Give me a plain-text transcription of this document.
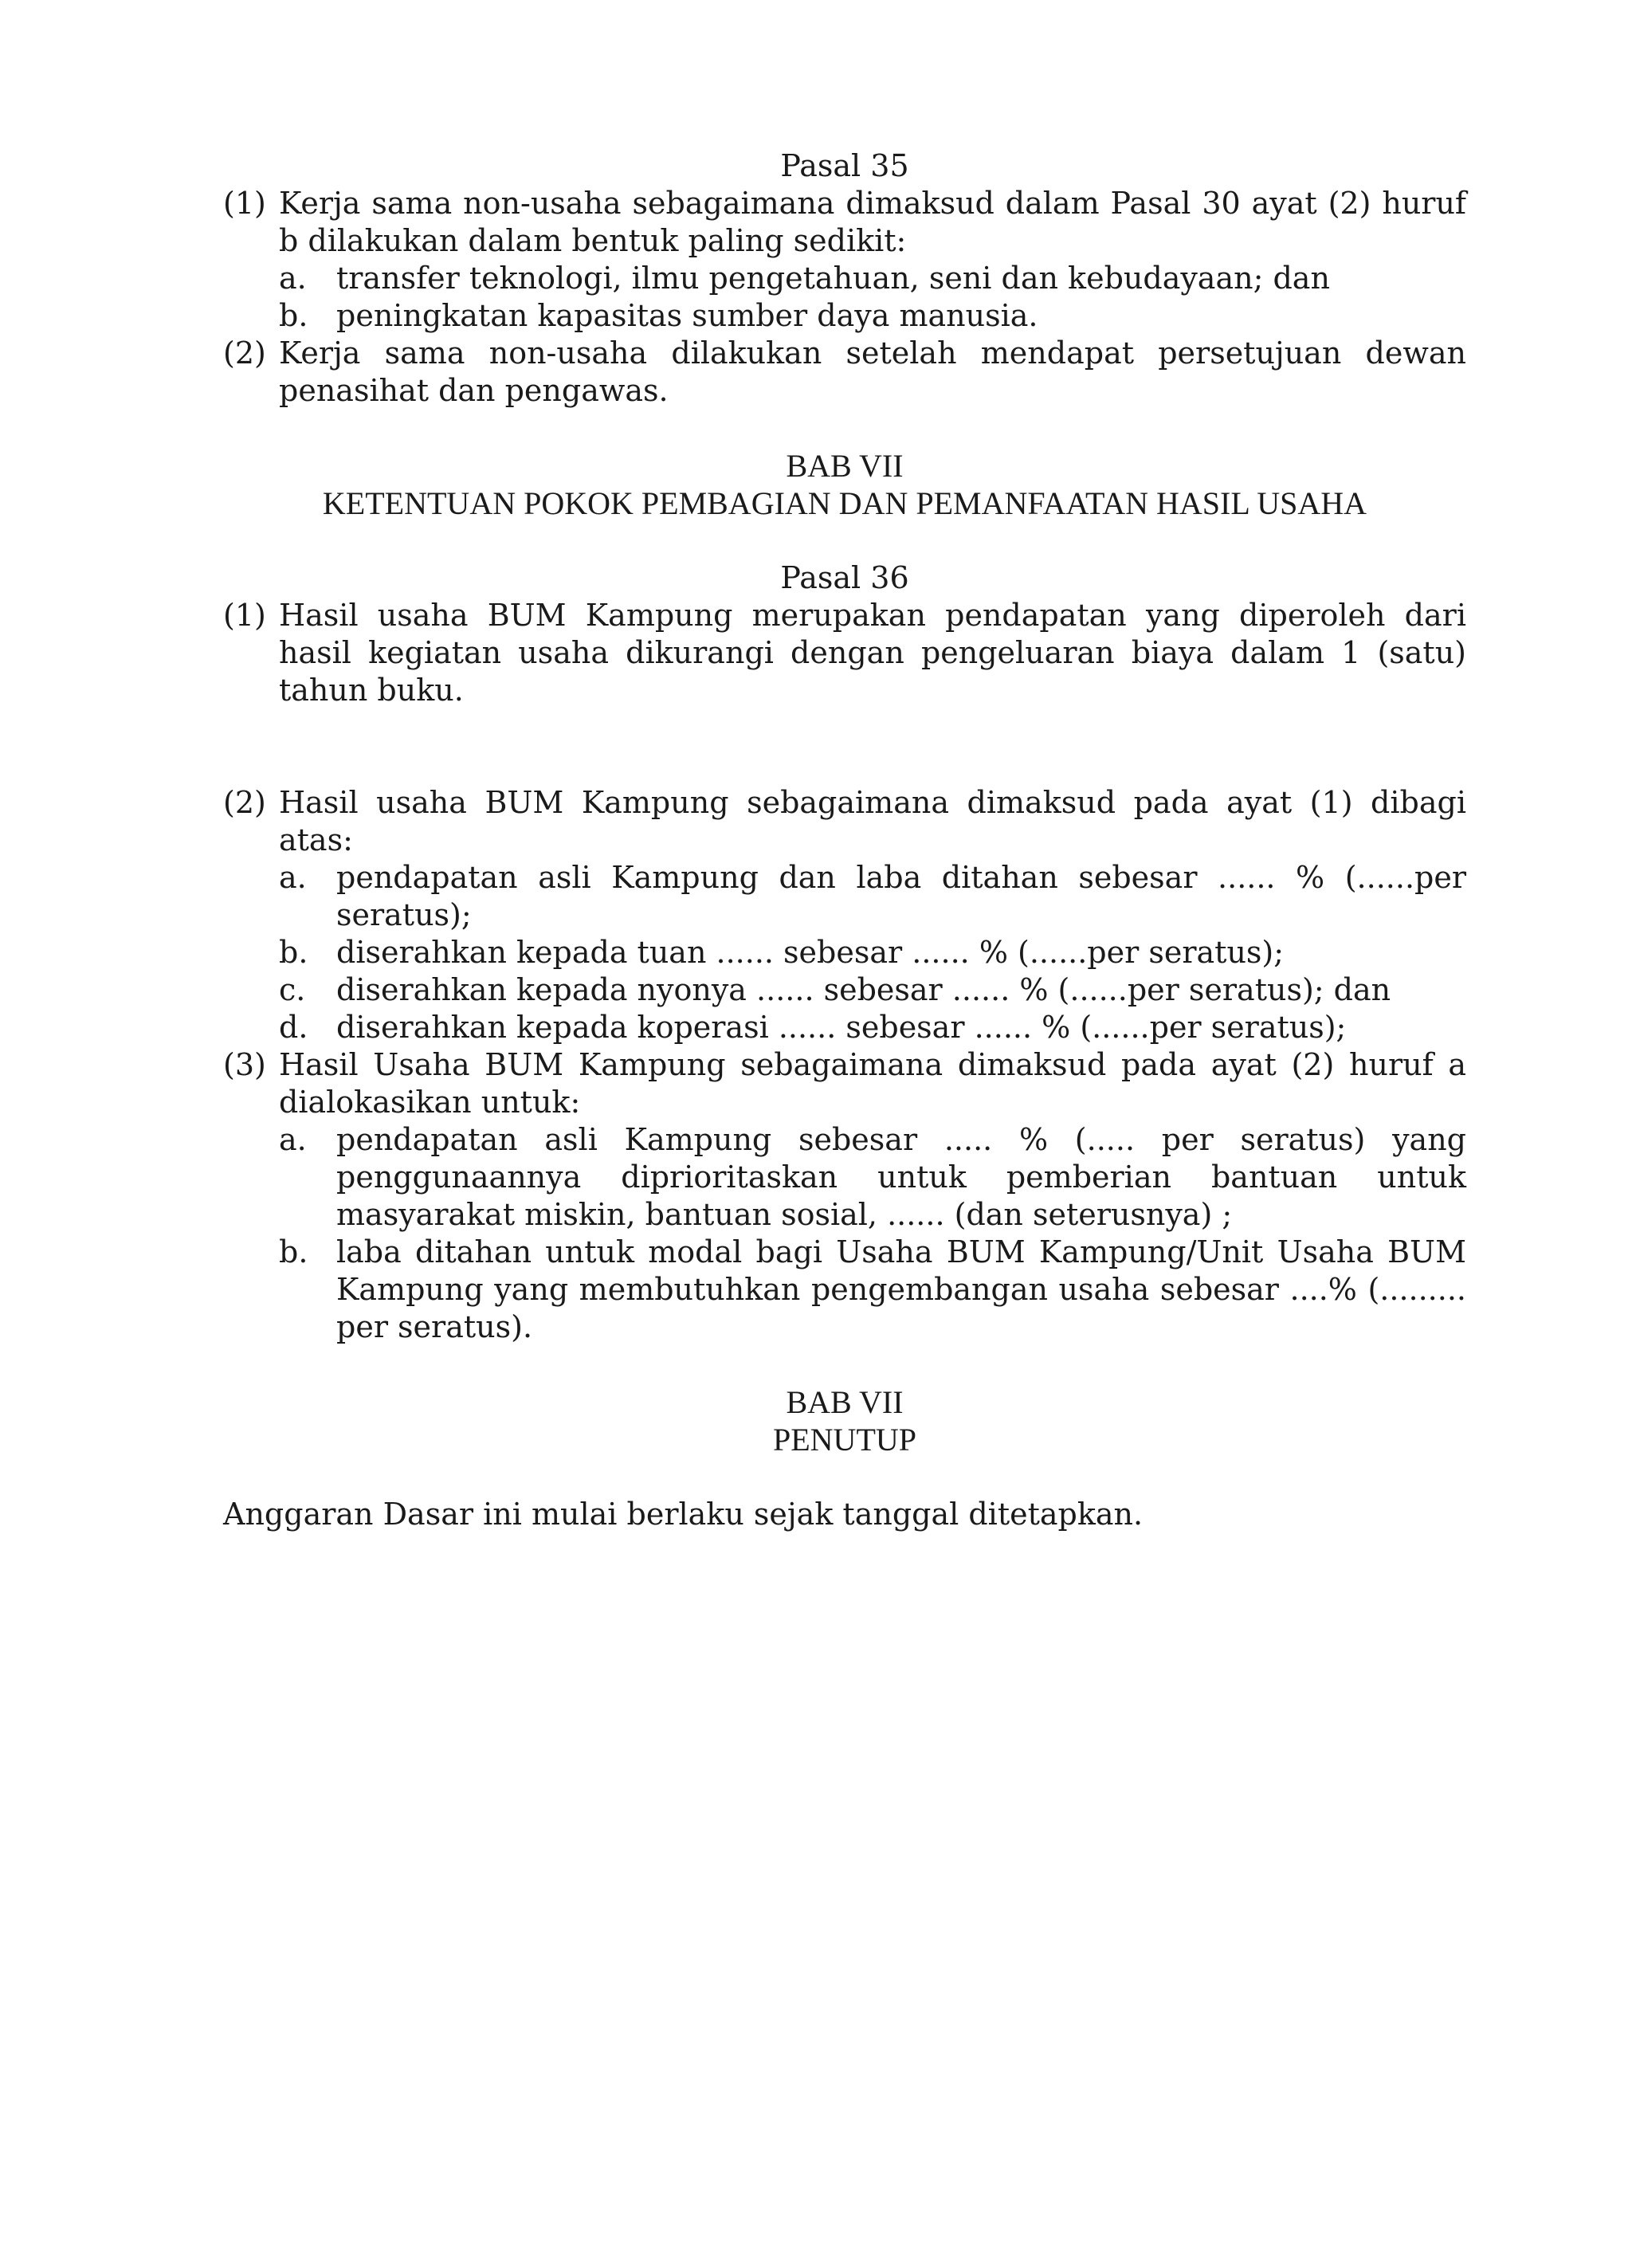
Pasal 35
(1) Kerja sama non-usaha sebagaimana dimaksud dalam Pasal 30 ayat (2) huruf
b dilakukan dalam bentuk paling sedikit:
a. transfer teknologi, ilmu pengetahuan, seni dan kebudayaan; dan
b. peningkatan kapasitas sumber daya manusia.
(2) Kerja sama non-usaha dilakukan setelah mendapat persetujuan dewan
penasihat dan pengawas.
BAB VII
KETENTUAN POKOK PEMBAGIAN DAN PEMANFAATAN HASIL USAHA
Pasal 36
(1) Hasil usaha BUM Kampung merupakan pendapatan yang diperoleh dari
hasil kegiatan usaha dikurangi dengan pengeluaran biaya dalam 1 (satu)
tahun buku.
(2) Hasil usaha BUM Kampung sebagaimana dimaksud pada ayat (1) dibagi
atas:
a. pendapatan asli Kampung dan laba ditahan sebesar ...... % (......per
seratus);
b. diserahkan kepada tuan ...... sebesar ...... % (......per seratus);
c.	diserahkan kepada nyonya ...... sebesar ...... % (......per seratus); dan
d. diserahkan kepada koperasi ...... sebesar ...... % (......per seratus);
(3) Hasil Usaha BUM Kampung sebagaimana dimaksud pada ayat (2) huruf a
dialokasikan untuk:
a. pendapatan asli Kampung sebesar ..... % (..... per seratus) yang
penggunaannya diprioritaskan untuk pemberian bantuan untuk
masyarakat miskin, bantuan sosial, ...... (dan seterusnya) ;
b. laba ditahan untuk modal bagi Usaha BUM Kampung/Unit Usaha BUM
Kampung yang membutuhkan pengembangan usaha sebesar ....% (.........
per seratus).
BAB VII
PENUTUP
Anggaran Dasar ini mulai berlaku sejak tanggal ditetapkan.
